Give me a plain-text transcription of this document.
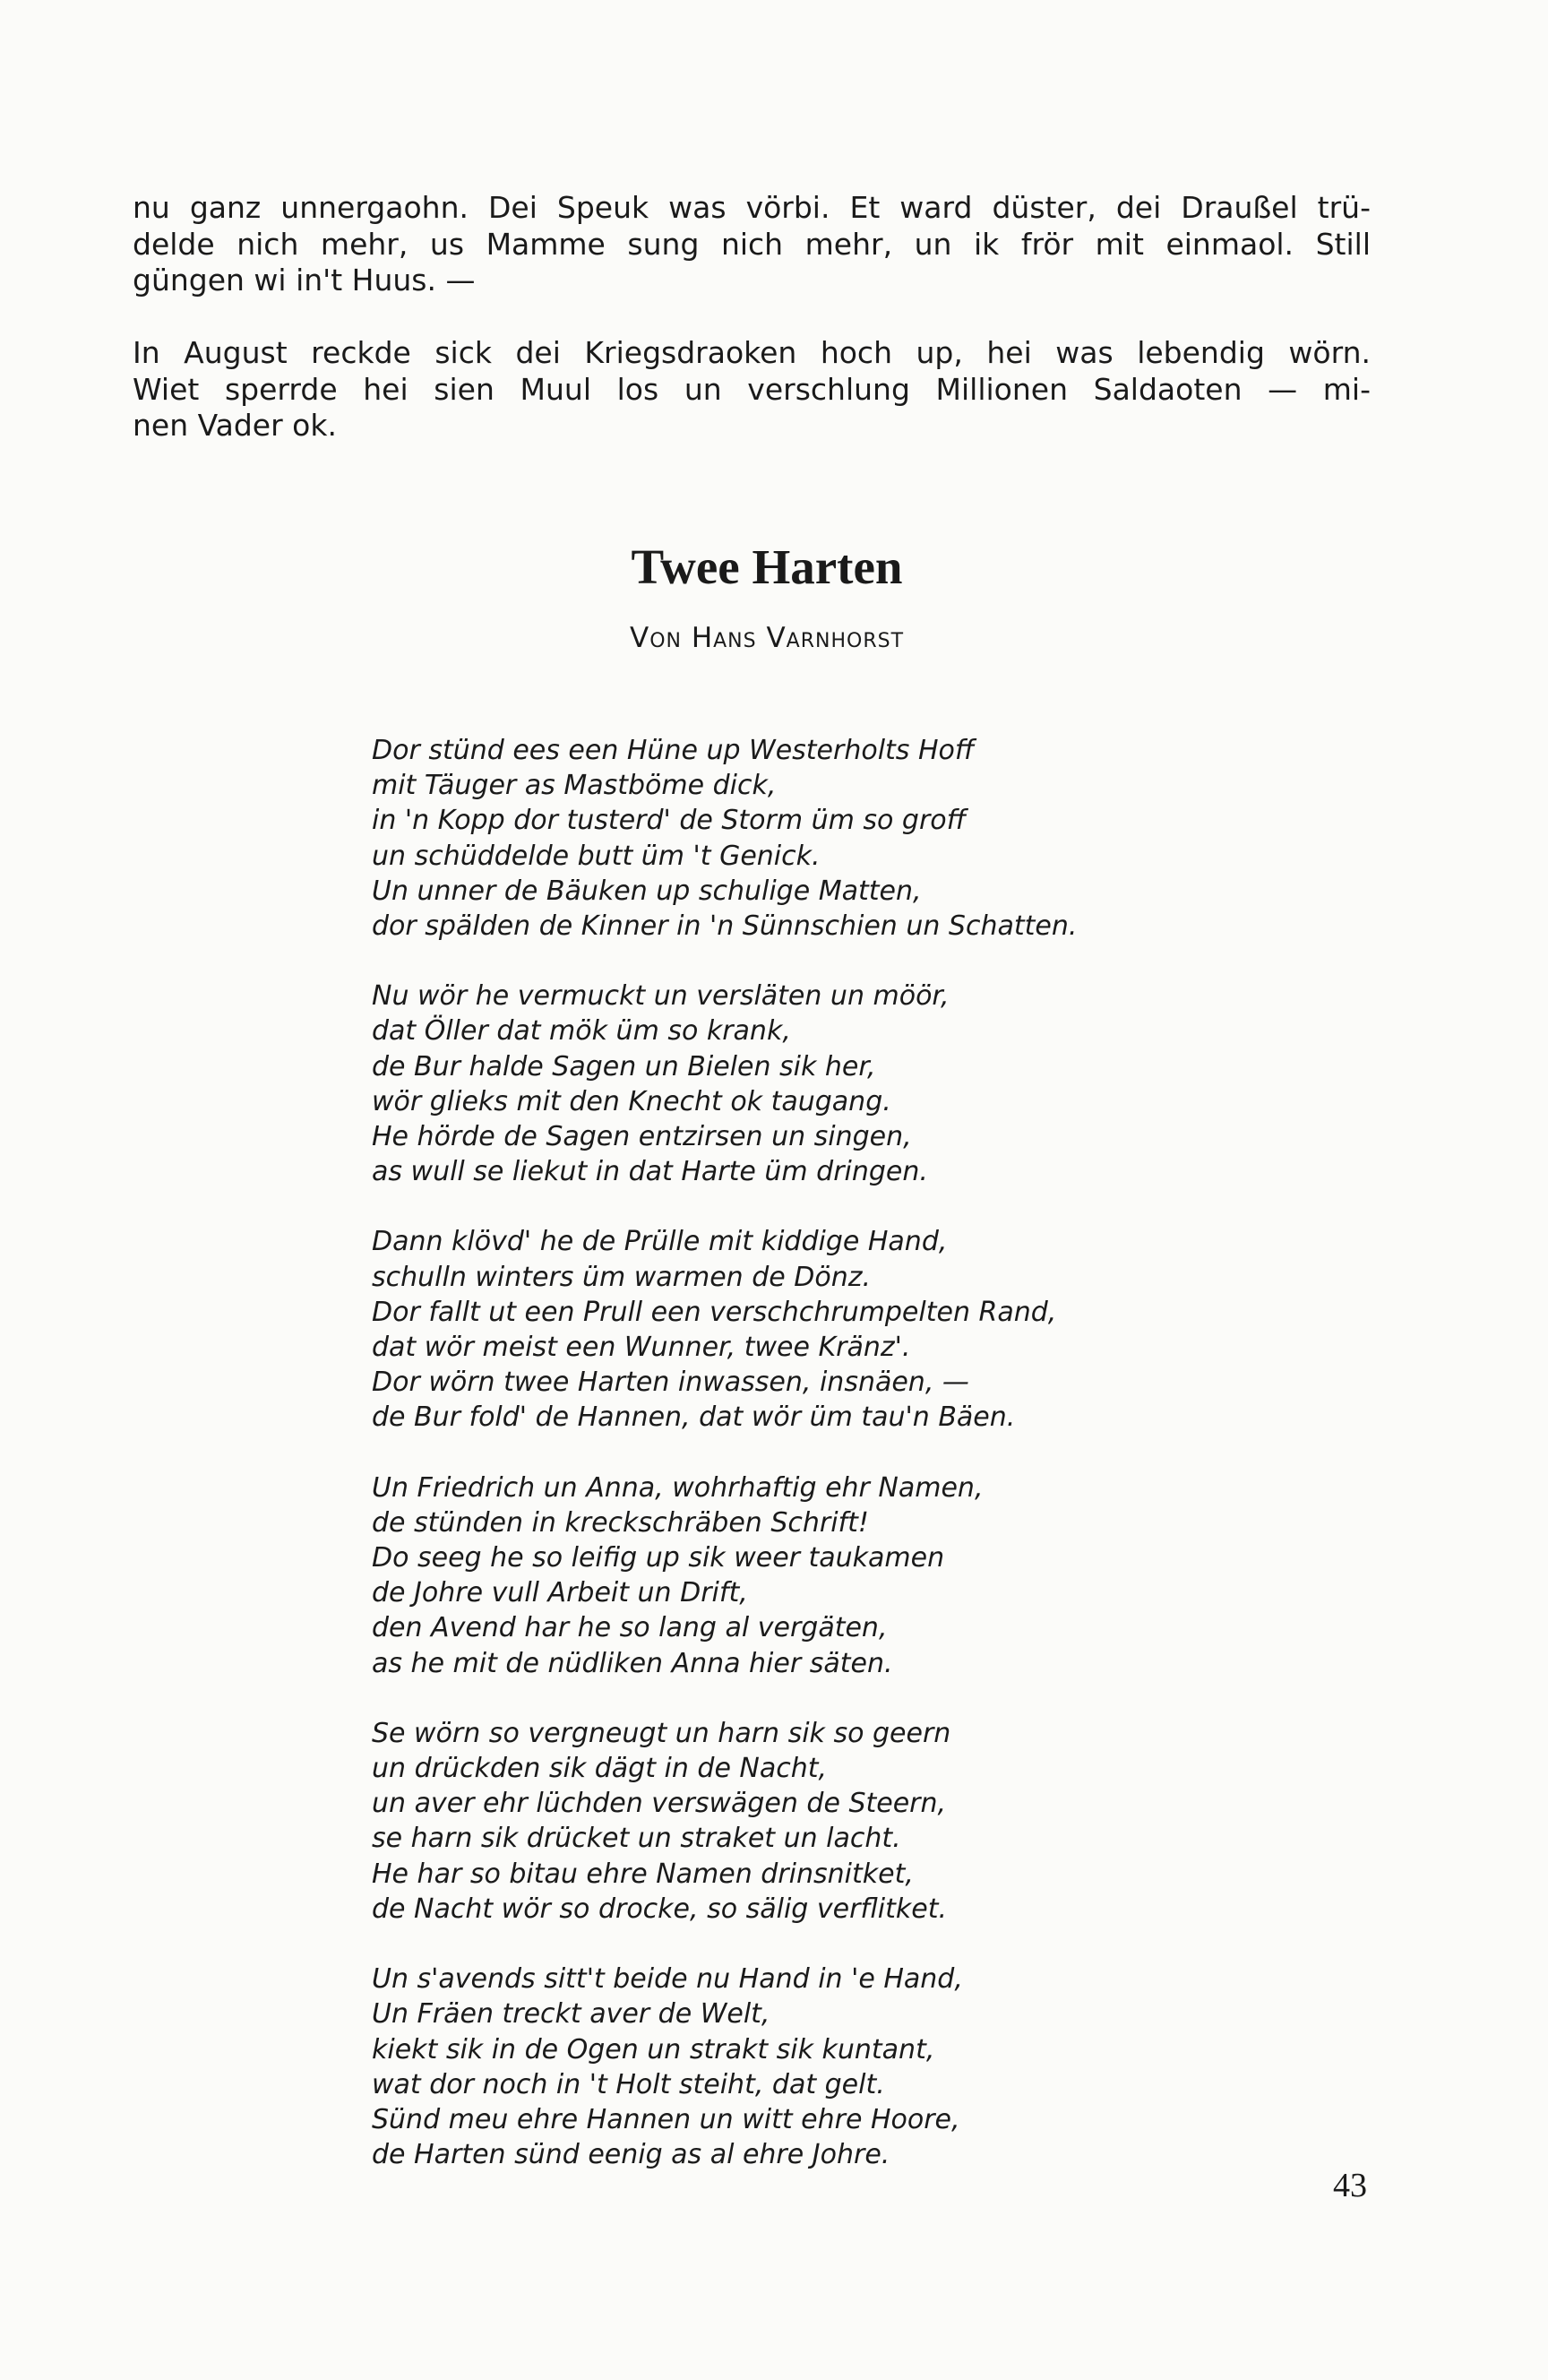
nu ganz unnergaohn. Dei Speuk was vörbi. Et ward düster, dei Draußel trü-
delde nich mehr, us Mamme sung nich mehr, un ik frör mit einmaol. Still
güngen wi in't Huus. —
In August reckde sick dei Kriegsdraoken hoch up, hei was lebendig wörn.
Wiet sperrde hei sien Muul los un verschlung Millionen Saldaoten — mi-
nen Vader ok.
Twee Harten
Von Hans Varnhorst
Dor stünd ees een Hüne up Westerholts Hoff
mit Täuger as Mastböme dick,
in 'n Kopp dor tusterd' de Storm üm so groff
un schüddelde butt üm 't Genick.
Un unner de Bäuken up schulige Matten,
dor spälden de Kinner in 'n Sünnschien un Schatten.
Nu wör he vermuckt un versläten un möör,
dat Öller dat mök üm so krank,
de Bur halde Sagen un Bielen sik her,
wör glieks mit den Knecht ok taugang.
He hörde de Sagen entzirsen un singen,
as wull se liekut in dat Harte üm dringen.
Dann klövd' he de Prülle mit kiddige Hand,
schulln winters üm warmen de Dönz.
Dor fallt ut een Prull een verschchrumpelten Rand,
dat wör meist een Wunner, twee Kränz'.
Dor wörn twee Harten inwassen, insnäen, —
de Bur fold' de Hannen, dat wör üm tau'n Bäen.
Un Friedrich un Anna, wohrhaftig ehr Namen,
de stünden in kreckschräben Schrift!
Do seeg he so leifig up sik weer taukamen
de Johre vull Arbeit un Drift,
den Avend har he so lang al vergäten,
as he mit de nüdliken Anna hier säten.
Se wörn so vergneugt un harn sik so geern
un drückden sik dägt in de Nacht,
un aver ehr lüchden verswägen de Steern,
se harn sik drücket un straket un lacht.
He har so bitau ehre Namen drinsnitket,
de Nacht wör so drocke, so sälig verflitket.
Un s'avends sitt't beide nu Hand in 'e Hand,
Un Fräen treckt aver de Welt,
kiekt sik in de Ogen un strakt sik kuntant,
wat dor noch in 't Holt steiht, dat gelt.
Sünd meu ehre Hannen un witt ehre Hoore,
de Harten sünd eenig as al ehre Johre.
43
